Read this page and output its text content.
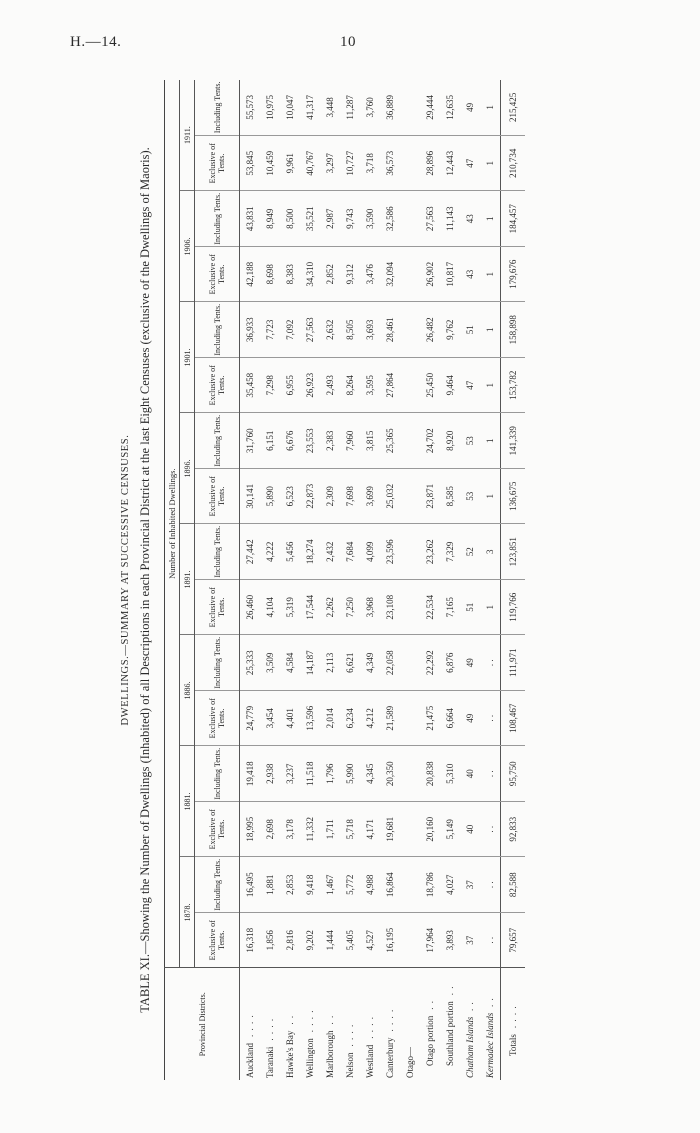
H.—14.	10
DWELLINGS.—SUMMARY AT SUCCESSIVE CENSUSES. TABLE XI.—Showing the Number of Dwellings (Inhabited) of all Descriptions in each Provincial District at the last Eight Censuses (exclusive of the Dwellings of Maoris).
Provincial Districts.	Number of Inhabited Dwellings.															
	1878.		1881.		1886.		1891.		1896.		1901.		1906.		1911.	
	Exclusive of Tents.	Including Tents.	Exclusive of Tents.	Including Tents.	Exclusive of Tents.	Including Tents.	Exclusive of Tents.	Including Tents.	Exclusive of Tents.	Including Tents.	Exclusive of Tents.	Including Tents.	Exclusive of Tents.	Including Tents.	Exclusive of Tents.	Including Tents.
Auckland. . . .	16,318	16,495	18,995	19,418	24,779	25,333	26,460	27,442	30,141	31,760	35,458	36,933	42,188	43,831	53,845	55,573
Taranaki. . . .	1,856	1,881	2,698	2,938	3,454	3,509	4,104	4,222	5,890	6,151	7,298	7,723	8,698	8,949	10,459	10,975
Hawke's Bay. .	2,816	2,853	3,178	3,237	4,401	4,584	5,319	5,456	6,523	6,676	6,955	7,092	8,383	8,500	9,961	10,047
Wellington. . . .	9,202	9,418	11,332	11,518	13,596	14,187	17,544	18,274	22,873	23,553	26,923	27,563	34,310	35,521	40,767	41,317
Marlborough. .	1,444	1,467	1,711	1,796	2,014	2,113	2,262	2,432	2,309	2,383	2,493	2,632	2,852	2,987	3,297	3,448
Nelson. . . .	5,405	5,772	5,718	5,990	6,234	6,621	7,250	7,684	7,698	7,960	8,264	8,505	9,312	9,743	10,727	11,287
Westland. . . .	4,527	4,988	4,171	4,345	4,212	4,349	3,968	4,099	3,699	3,815	3,595	3,693	3,476	3,590	3,718	3,760
Canterbury. . . .	16,195	16,864	19,681	20,350	21,589	22,058	23,108	23,596	25,032	25,365	27,864	28,461	32,094	32,586	36,573	36,889
Otago—																
Otago portion. .	17,964	18,786	20,160	20,838	21,475	22,292	22,534	23,262	23,871	24,702	25,450	26,482	26,902	27,563	28,896	29,444
Southland portion. .	3,893	4,027	5,149	5,310	6,664	6,876	7,165	7,329	8,585	8,920	9,464	9,762	10,817	11,143	12,443	12,635
Chatham Islands. .	37	37	40	40	49	49	51	52	53	53	47	51	43	43	47	49
Kermadec Islands. .	. .	. .	. .	. .	. .	. .	1	3	1	1	1	1	1	1	1	1
Totals. . . .	79,657	82,588	92,833	95,750	108,467	111,971	119,766	123,851	136,675	141,339	153,782	158,898	179,676	184,457	210,734	215,425
